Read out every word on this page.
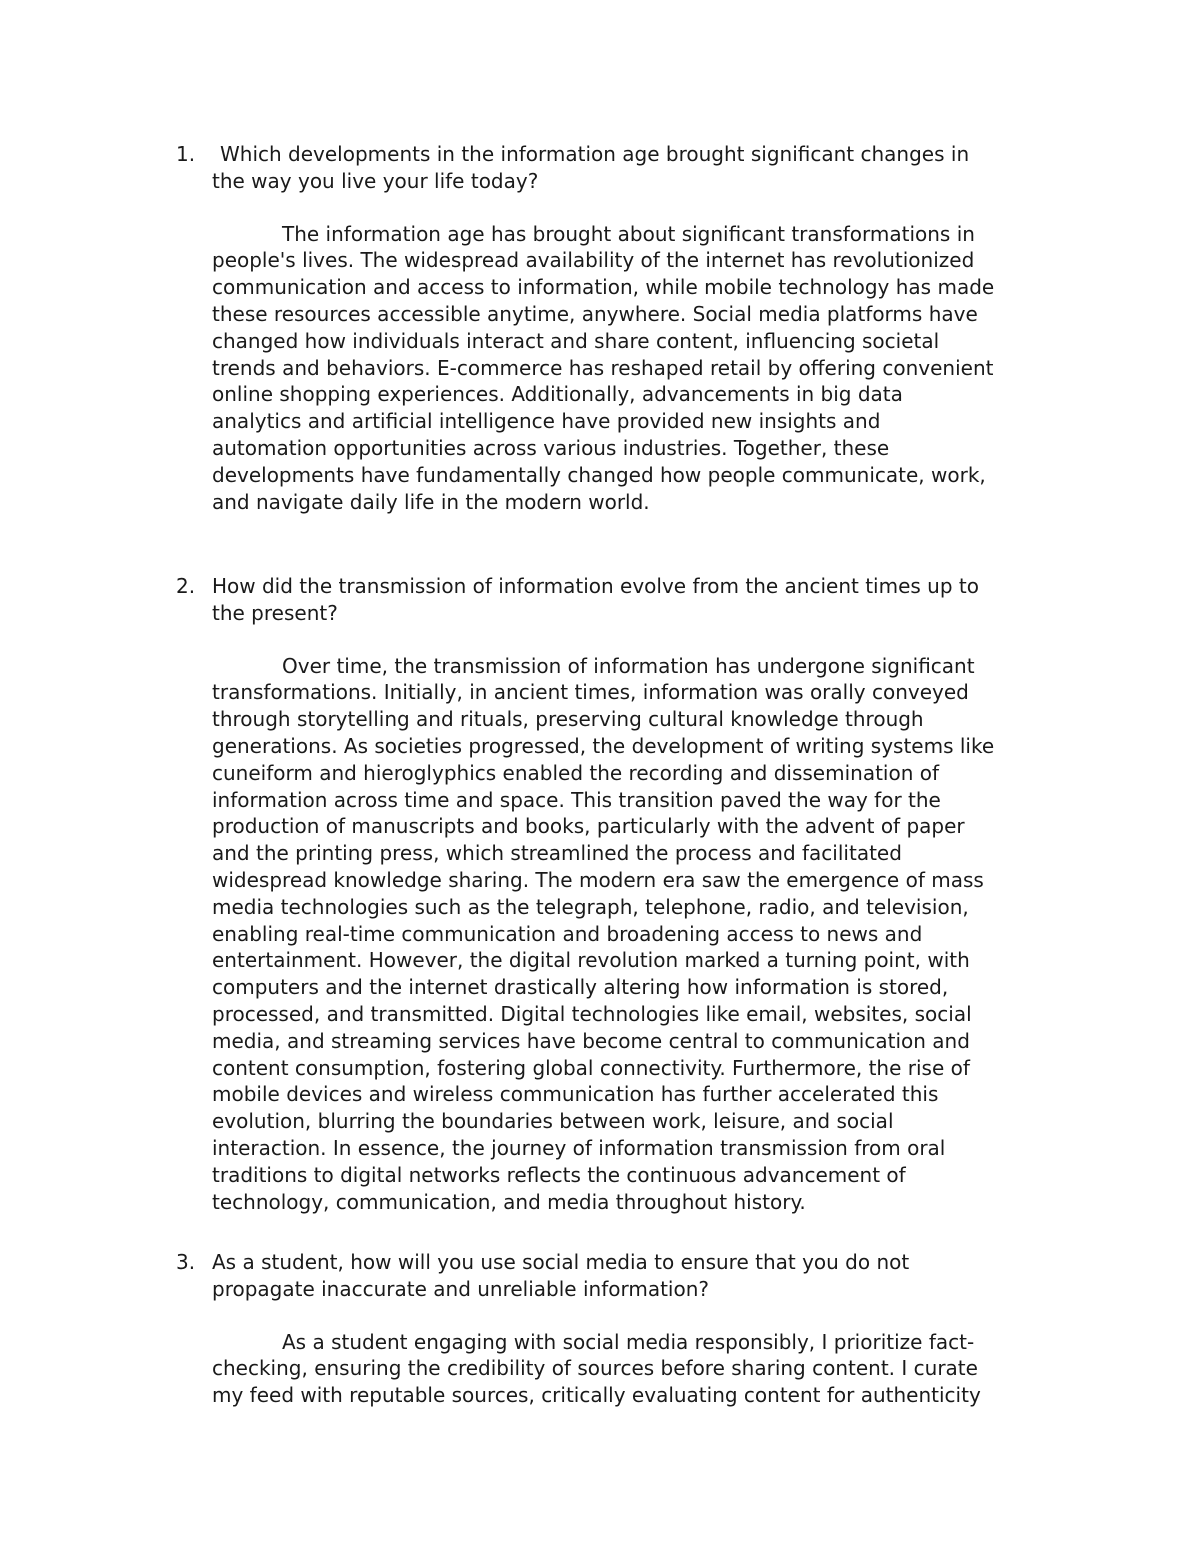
1.	Which developments in the information age brought significant changes in
the way you live your life today?
The information age has brought about significant transformations in
people's lives. The widespread availability of the internet has revolutionized
communication and access to information, while mobile technology has made
these resources accessible anytime, anywhere. Social media platforms have
changed how individuals interact and share content, influencing societal
trends and behaviors. E-commerce has reshaped retail by offering convenient
online shopping experiences. Additionally, advancements in big data
analytics and artificial intelligence have provided new insights and
automation opportunities across various industries. Together, these
developments have fundamentally changed how people communicate, work,
and navigate daily life in the modern world.
2. How did the transmission of information evolve from the ancient times up to
the present?
Over time, the transmission of information has undergone significant
transformations. Initially, in ancient times, information was orally conveyed
through storytelling and rituals, preserving cultural knowledge through
generations. As societies progressed, the development of writing systems like
cuneiform and hieroglyphics enabled the recording and dissemination of
information across time and space. This transition paved the way for the
production of manuscripts and books, particularly with the advent of paper
and the printing press, which streamlined the process and facilitated
widespread knowledge sharing. The modern era saw the emergence of mass
media technologies such as the telegraph, telephone, radio, and television,
enabling real-time communication and broadening access to news and
entertainment. However, the digital revolution marked a turning point, with
computers and the internet drastically altering how information is stored,
processed, and transmitted. Digital technologies like email, websites, social
media, and streaming services have become central to communication and
content consumption, fostering global connectivity. Furthermore, the rise of
mobile devices and wireless communication has further accelerated this
evolution, blurring the boundaries between work, leisure, and social
interaction. In essence, the journey of information transmission from oral
traditions to digital networks reflects the continuous advancement of
technology, communication, and media throughout history.
3. As a student, how will you use social media to ensure that you do not
propagate inaccurate and unreliable information?
As a student engaging with social media responsibly, I prioritize fact-
checking, ensuring the credibility of sources before sharing content. I curate
my feed with reputable sources, critically evaluating content for authenticity
